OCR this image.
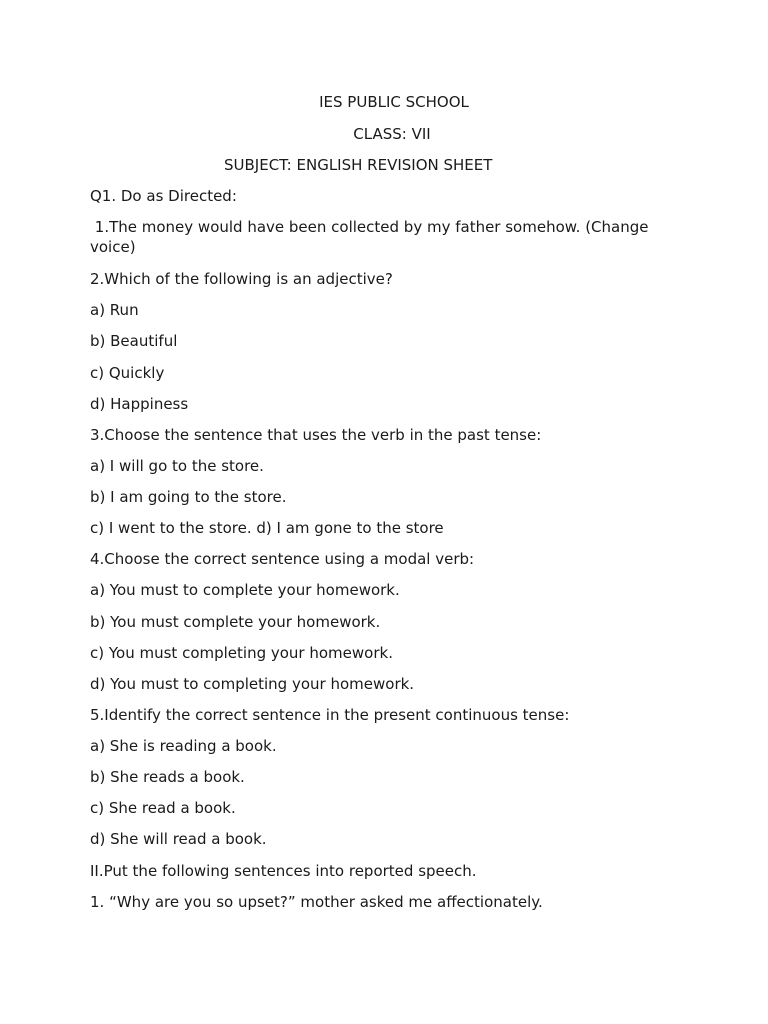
IES PUBLIC SCHOOL

CLASS: VII

SUBJECT: ENGLISH REVISION SHEET

Q1. Do as Directed:

1.The money would have been collected by my father somehow. (Change voice)

2.Which of the following is an adjective?

a) Run

b) Beautiful

c) Quickly

d) Happiness

3.Choose the sentence that uses the verb in the past tense:

a) I will go to the store.

b) I am going to the store.

c) I went to the store. d) I am gone to the store

4.Choose the correct sentence using a modal verb:

a) You must to complete your homework.

b) You must complete your homework.

c) You must completing your homework.

d) You must to completing your homework.

5.Identify the correct sentence in the present continuous tense:

a) She is reading a book.

b) She reads a book.

c) She read a book.

d) She will read a book.

II.Put the following sentences into reported speech.

1. “Why are you so upset?” mother asked me affectionately.
